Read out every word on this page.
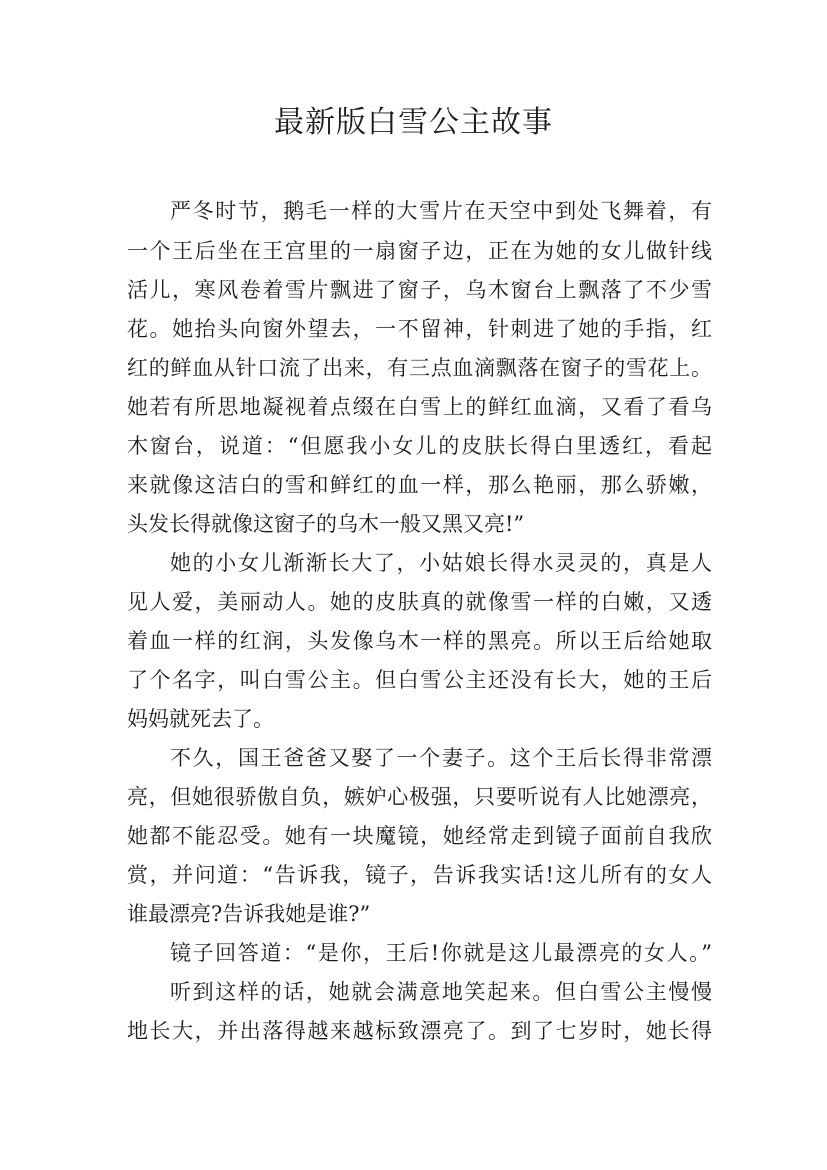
最新版白雪公主故事
严冬时节，鹅毛一样的大雪片在天空中到处飞舞着，有
一个王后坐在王宫里的一扇窗子边，正在为她的女儿做针线
活儿，寒风卷着雪片飘进了窗子，乌木窗台上飘落了不少雪
花。她抬头向窗外望去，一不留神，针刺进了她的手指，红
红的鲜血从针口流了出来，有三点血滴飘落在窗子的雪花上。
她若有所思地凝视着点缀在白雪上的鲜红血滴，又看了看乌
木窗台，说道：“但愿我小女儿的皮肤长得白里透红，看起
来就像这洁白的雪和鲜红的血一样，那么艳丽，那么骄嫩，
头发长得就像这窗子的乌木一般又黑又亮!”
她的小女儿渐渐长大了，小姑娘长得水灵灵的，真是人
见人爱，美丽动人。她的皮肤真的就像雪一样的白嫩，又透
着血一样的红润，头发像乌木一样的黑亮。所以王后给她取
了个名字，叫白雪公主。但白雪公主还没有长大，她的王后
妈妈就死去了。
不久，国王爸爸又娶了一个妻子。这个王后长得非常漂
亮，但她很骄傲自负，嫉妒心极强，只要听说有人比她漂亮，
她都不能忍受。她有一块魔镜，她经常走到镜子面前自我欣
赏，并问道：“告诉我，镜子，告诉我实话!这儿所有的女人
谁最漂亮?告诉我她是谁?”
镜子回答道：“是你，王后!你就是这儿最漂亮的女人。”
听到这样的话，她就会满意地笑起来。但白雪公主慢慢
地长大，并出落得越来越标致漂亮了。到了七岁时，她长得
